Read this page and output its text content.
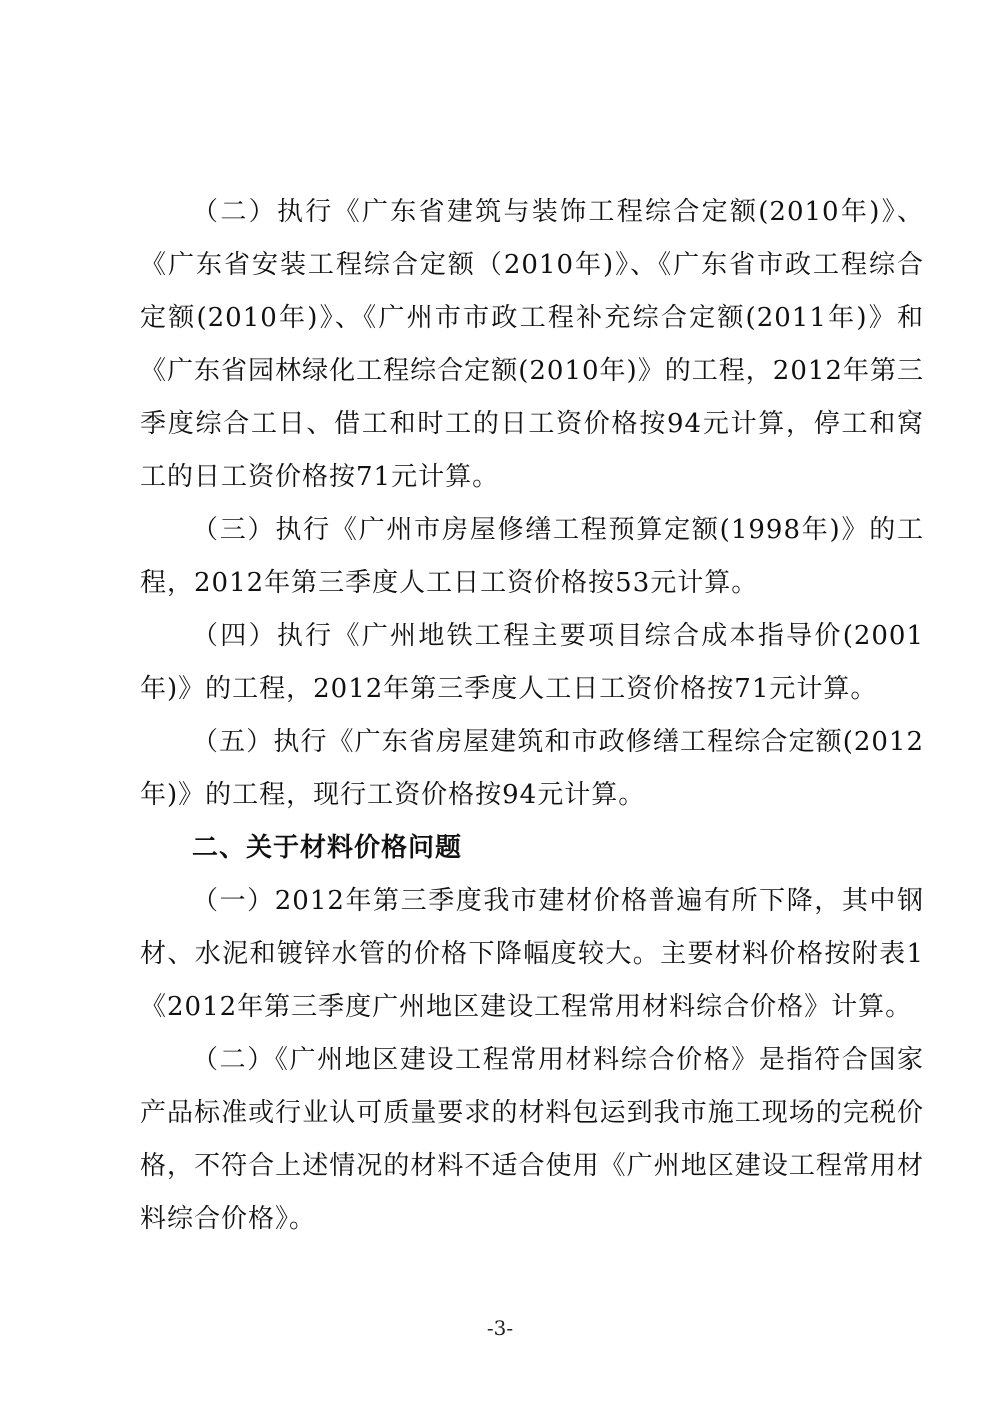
（二）执行《广东省建筑与装饰工程综合定额(2010年)》、《广东省安装工程综合定额（2010年)》、《广东省市政工程综合定额(2010年)》、《广州市市政工程补充综合定额(2011年)》和《广东省园林绿化工程综合定额(2010年)》的工程，2012年第三季度综合工日、借工和时工的日工资价格按94元计算，停工和窝工的日工资价格按71元计算。

（三）执行《广州市房屋修缮工程预算定额(1998年)》的工程，2012年第三季度人工日工资价格按53元计算。

（四）执行《广州地铁工程主要项目综合成本指导价(2001年)》的工程，2012年第三季度人工日工资价格按71元计算。

（五）执行《广东省房屋建筑和市政修缮工程综合定额(2012年)》的工程，现行工资价格按94元计算。

二、关于材料价格问题

（一）2012年第三季度我市建材价格普遍有所下降，其中钢材、水泥和镀锌水管的价格下降幅度较大。主要材料价格按附表1《2012年第三季度广州地区建设工程常用材料综合价格》计算。

（二）《广州地区建设工程常用材料综合价格》是指符合国家产品标准或行业认可质量要求的材料包运到我市施工现场的完税价格，不符合上述情况的材料不适合使用《广州地区建设工程常用材料综合价格》。

-3-
